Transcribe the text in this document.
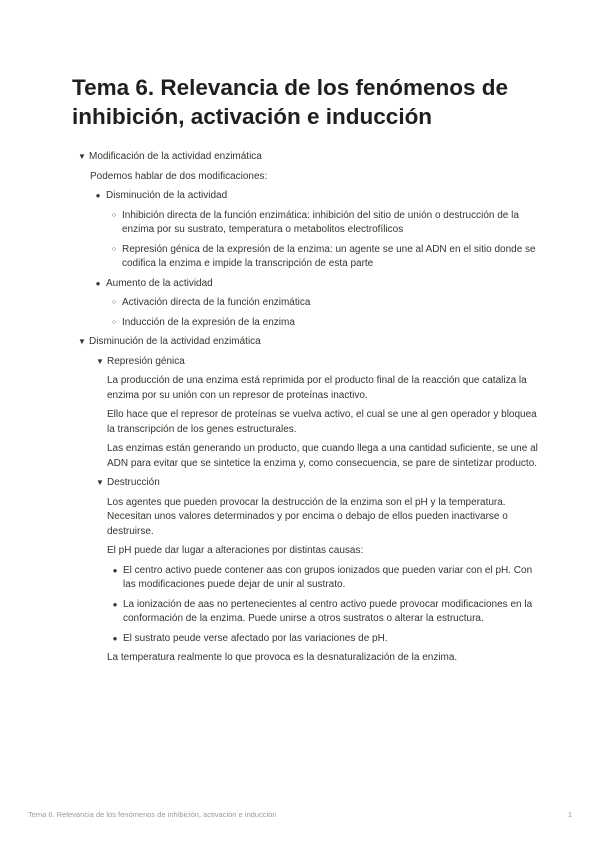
Tema 6. Relevancia de los fenómenos de inhibición, activación e inducción
▼ Modificación de la actividad enzimática

Podemos hablar de dos modificaciones:

● Disminución de la actividad
○ Inhibición directa de la función enzimática: inhibición del sitio de unión o destrucción de la enzima por su sustrato, temperatura o metabolitos electrofílicos
○ Represión génica de la expresión de la enzima: un agente se une al ADN en el sitio donde se codifica la enzima e impide la transcripción de esta parte
● Aumento de la actividad
○ Activación directa de la función enzimática
○ Inducción de la expresión de la enzima
▼ Disminución de la actividad enzimática
▼ Represión génica

La producción de una enzima está reprimida por el producto final de la reacción que cataliza la enzima por su unión con un represor de proteínas inactivo.

Ello hace que el represor de proteínas se vuelva activo, el cual se une al gen operador y bloquea la transcripción de los genes estructurales.

Las enzimas están generando un producto, que cuando llega a una cantidad suficiente, se une al ADN para evitar que se sintetice la enzima y, como consecuencia, se pare de sintetizar producto.

▼ Destrucción

Los agentes que pueden provocar la destrucción de la enzima son el pH y la temperatura. Necesitan unos valores determinados y por encima o debajo de ellos pueden inactivarse o destruirse.

El pH puede dar lugar a alteraciones por distintas causas:

● El centro activo puede contener aas con grupos ionizados que pueden variar con el pH. Con las modificaciones puede dejar de unir al sustrato.
● La ionización de aas no pertenecientes al centro activo puede provocar modificaciones en la conformación de la enzima. Puede unirse a otros sustratos o alterar la estructura.
● El sustrato peude verse afectado por las variaciones de pH.

La temperatura realmente lo que provoca es la desnaturalización de la enzima.

Tema 6. Relevancia de los fenómenos de inhibición, activación e inducción	1
